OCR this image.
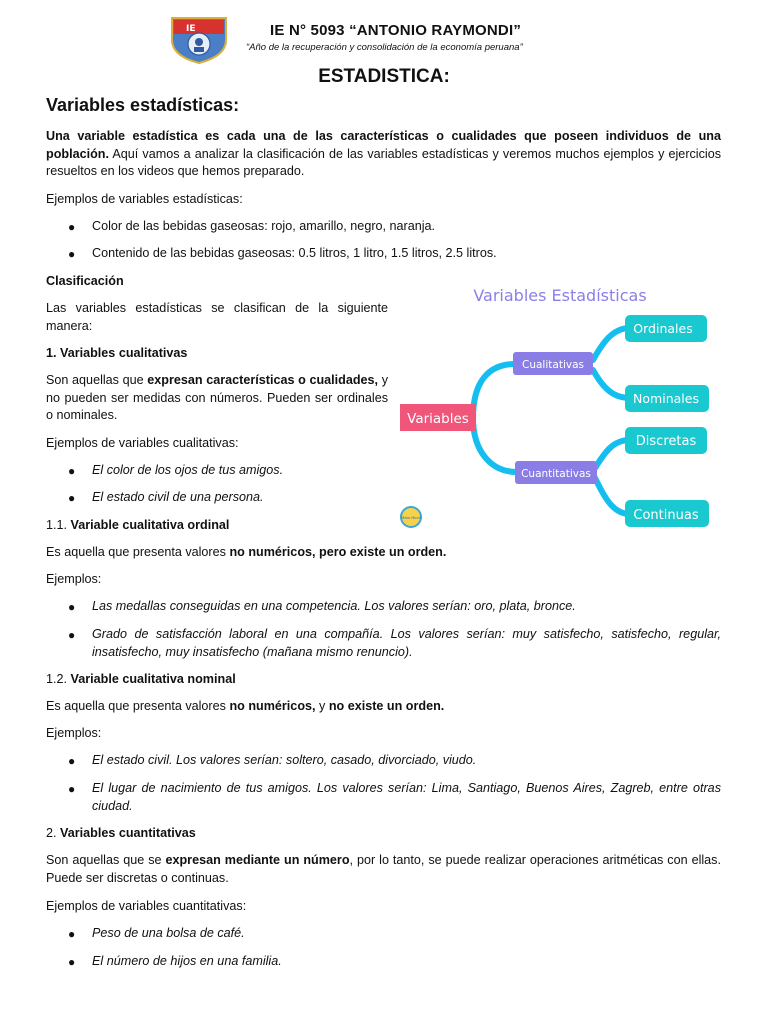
IE	IE N° 5093 “ANTONIO RAYMONDI”
“Año de la recuperación y consolidación de la economía peruana”
ESTADISTICA:
Variables estadísticas:

Una variable estadística es cada una de las características o cualidades que poseen individuos de una población. Aquí vamos a analizar la clasificación de las variables estadísticas y veremos muchos ejemplos y ejercicios resueltos en los videos que hemos preparado.

Ejemplos de variables estadísticas:

● Color de las bebidas gaseosas: rojo, amarillo, negro, naranja.

● Contenido de las bebidas gaseosas: 0.5 litros, 1 litro, 1.5 litros, 2.5 litros.

Clasificación

Las variables estadísticas se clasifican de la siguiente manera:

1. Variables cualitativas

Son aquellas que expresan características o cualidades, y no pueden ser medidas con números. Pueden ser ordinales o nominales.

Ejemplos de variables cualitativas:

● El color de los ojos de tus amigos.

● El estado civil de una persona.

1.1. Variable cualitativa ordinal

Es aquella que presenta valores no numéricos, pero existe un orden.

Ejemplos:

● Las medallas conseguidas en una competencia. Los valores serían: oro, plata, bronce.

● Grado de satisfacción laboral en una compañía. Los valores serían: muy satisfecho, satisfecho, regular, insatisfecho, muy insatisfecho (mañana mismo renuncio).

1.2. Variable cualitativa nominal

Es aquella que presenta valores no numéricos, y no existe un orden.

Ejemplos:

● El estado civil. Los valores serían: soltero, casado, divorciado, viudo.

● El lugar de nacimiento de tus amigos. Los valores serían: Lima, Santiago, Buenos Aires, Zagreb, entre otras ciudad.

2. Variables cuantitativas

Son aquellas que se expresan mediante un número, por lo tanto, se puede realizar operaciones aritméticas con ellas. Puede ser discretas o continuas.

Ejemplos de variables cuantitativas:

● Peso de una bolsa de café.

● El número de hijos en una familia.

Variables Estadísticas
Variables
Cualitativas
Cuantitativas
Ordinales
Nominales
Discretas
Continuas
Mate Movil
